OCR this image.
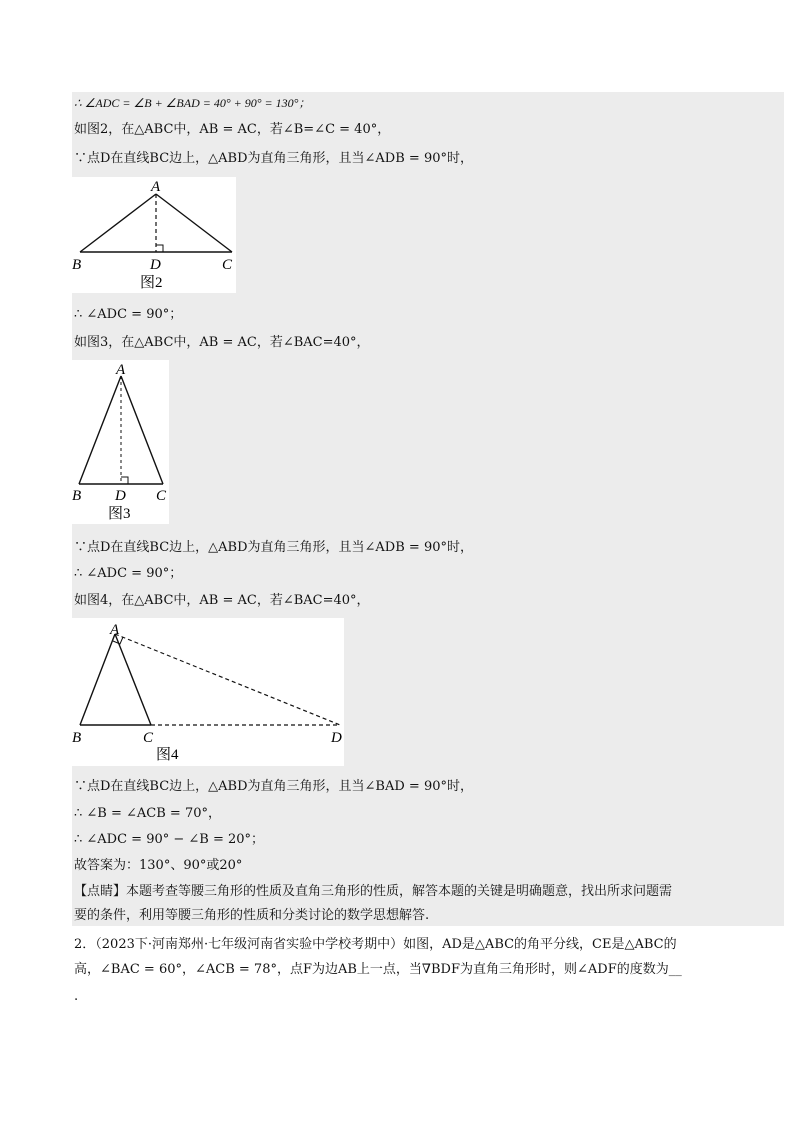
∴ ∠ADC = ∠B + ∠BAD = 40° + 90° = 130°；
如图2，在△ABC中，AB = AC，若∠B=∠C = 40°，
∵点D在直线BC边上，△ABD为直角三角形，且当∠ADB = 90°时，
A
B	D	C
图2
∴ ∠ADC = 90°；
如图3，在△ABC中，AB = AC，若∠BAC=40°，
A
B D C
图3
∵点D在直线BC边上，△ABD为直角三角形，且当∠ADB = 90°时，
∴ ∠ADC = 90°；
如图4，在△ABC中，AB = AC，若∠BAC=40°，
A
B	C	D
图4
∵点D在直线BC边上，△ABD为直角三角形，且当∠BAD = 90°时，
∴ ∠B = ∠ACB = 70°，
∴ ∠ADC = 90° − ∠B = 20°；
故答案为：130°、90°或20°
【点睛】本题考查等腰三角形的性质及直角三角形的性质，解答本题的关键是明确题意，找出所求问题需
要的条件，利用等腰三角形的性质和分类讨论的数学思想解答.
2．（2023下·河南郑州·七年级河南省实验中学校考期中）如图，AD是△ABC的角平分线，CE是△ABC的
高，∠BAC = 60°，∠ACB = 78°，点F为边AB上一点，当∇BDF为直角三角形时，则∠ADF的度数为__
.
